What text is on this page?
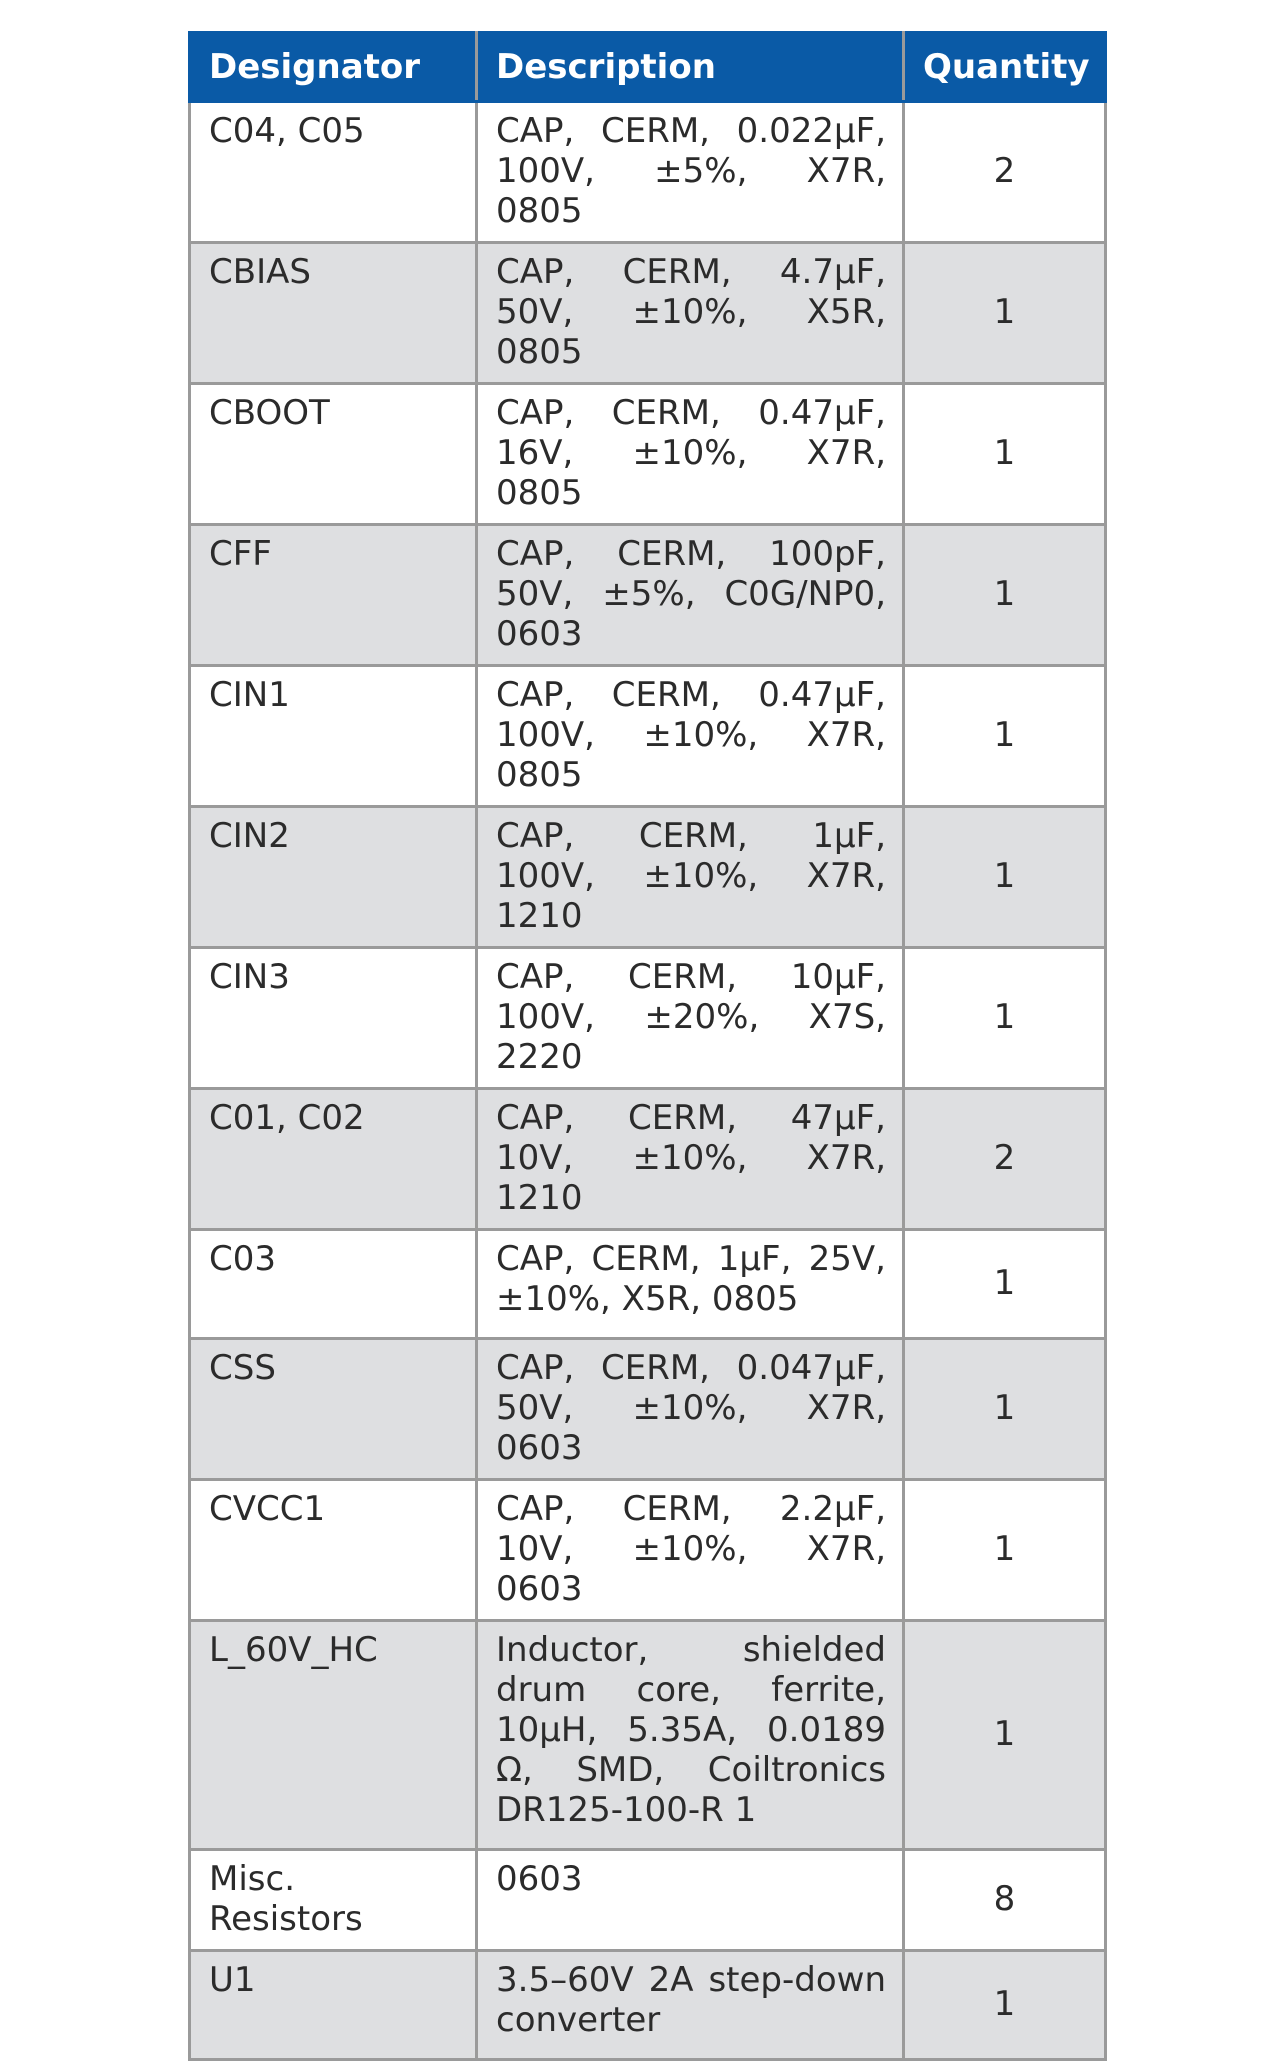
Designator	Description	Quantity
C04, C05	CAP, CERM, 0.022µF, 100V, ±5%, X7R, 0805	2
CBIAS	CAP, CERM, 4.7µF, 50V, ±10%, X5R, 0805	1
CBOOT	CAP, CERM, 0.47µF, 16V, ±10%, X7R, 0805	1
CFF	CAP, CERM, 100pF, 50V, ±5%, C0G/NP0, 0603	1
CIN1	CAP, CERM, 0.47µF, 100V, ±10%, X7R, 0805	1
CIN2	CAP, CERM, 1µF, 100V, ±10%, X7R, 1210	1
CIN3	CAP, CERM, 10µF, 100V, ±20%, X7S, 2220	1
C01, C02	CAP, CERM, 47µF, 10V, ±10%, X7R, 1210	2
C03	CAP, CERM, 1µF, 25V, ±10%, X5R, 0805	1
CSS	CAP, CERM, 0.047µF, 50V, ±10%, X7R, 0603	1
CVCC1	CAP, CERM, 2.2µF, 10V, ±10%, X7R, 0603	1
L_60V_HC	Inductor, shielded drum core, ferrite, 10µH, 5.35A, 0.0189 Ω, SMD, Coiltronics DR125-100-R 1	1
Misc. Resistors	0603	8
U1	3.5–60V 2A step-down converter	1
